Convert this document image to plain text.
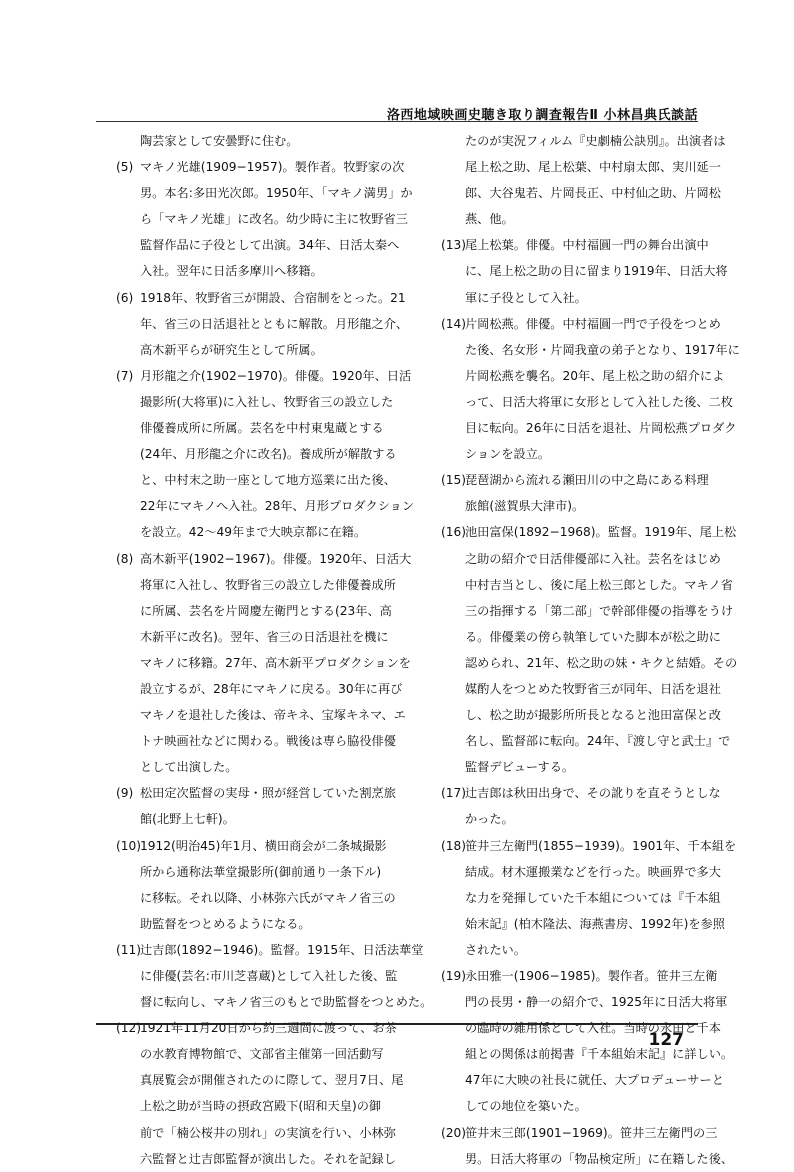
洛西地域映画史聴き取り調査報告Ⅱ 小林昌典氏談話
陶芸家として安曇野に住む。
(5) マキノ光雄(1909−1957)。製作者。牧野家の次
男。本名:多田光次郎。1950年、「マキノ満男」か
ら「マキノ光雄」に改名。幼少時に主に牧野省三
監督作品に子役として出演。34年、日活太秦へ
入社。翌年に日活多摩川へ移籍。
(6) 1918年、牧野省三が開設、合宿制をとった。21
年、省三の日活退社とともに解散。月形龍之介、
高木新平らが研究生として所属。
(7) 月形龍之介(1902−1970)。俳優。1920年、日活
撮影所(大将軍)に入社し、牧野省三の設立した
俳優養成所に所属。芸名を中村東鬼蔵とする
(24年、月形龍之介に改名)。養成所が解散する
と、中村末之助一座として地方巡業に出た後、
22年にマキノへ入社。28年、月形プロダクション
を設立。42〜49年まで大映京都に在籍。
(8) 高木新平(1902−1967)。俳優。1920年、日活大
将軍に入社し、牧野省三の設立した俳優養成所
に所属、芸名を片岡慶左衛門とする(23年、高
木新平に改名)。翌年、省三の日活退社を機に
マキノに移籍。27年、高木新平プロダクションを
設立するが、28年にマキノに戻る。30年に再び
マキノを退社した後は、帝キネ、宝塚キネマ、エ
トナ映画社などに関わる。戦後は専ら脇役俳優
として出演した。
(9) 松田定次監督の実母・照が経営していた割烹旅
館(北野上七軒)。
(10)
1912(明治45)年1月、横田商会が二条城撮影
所から通称法華堂撮影所(御前通り一条下ル)
に移転。それ以降、小林弥六氏がマキノ省三の
助監督をつとめるようになる。
(11)
辻吉郎(1892−1946)。監督。1915年、日活法華堂
に俳優(芸名:市川芝喜蔵)として入社した後、監
督に転向し、マキノ省三のもとで助監督をつとめた。
(12)
1921年11月20日から約三週間に渡って、お茶
の水教育博物館で、文部省主催第一回活動写
真展覧会が開催されたのに際して、翌月7日、尾
上松之助が当時の摂政宮殿下(昭和天皇)の御
前で「楠公桜井の別れ」の実演を行い、小林弥
六監督と辻吉郎監督が演出した。それを記録し
たのが実況フィルム『史劇楠公訣別』。出演者は
尾上松之助、尾上松葉、中村扇太郎、実川延一
郎、大谷鬼若、片岡長正、中村仙之助、片岡松
燕、他。
(13)
尾上松葉。俳優。中村福圓一門の舞台出演中
に、尾上松之助の目に留まり1919年、日活大将
軍に子役として入社。
(14)
片岡松燕。俳優。中村福圓一門で子役をつとめ
た後、名女形・片岡我童の弟子となり、1917年に
片岡松燕を襲名。20年、尾上松之助の紹介によ
って、日活大将軍に女形として入社した後、二枚
目に転向。26年に日活を退社、片岡松燕プロダク
ションを設立。
(15)
琵琶湖から流れる瀬田川の中之島にある料理
旅館(滋賀県大津市)。
(16)
池田富保(1892−1968)。監督。1919年、尾上松
之助の紹介で日活俳優部に入社。芸名をはじめ
中村吉当とし、後に尾上松三郎とした。マキノ省
三の指揮する「第二部」で幹部俳優の指導をうけ
る。俳優業の傍ら執筆していた脚本が松之助に
認められ、21年、松之助の妹・キクと結婚。その
媒酌人をつとめた牧野省三が同年、日活を退社
し、松之助が撮影所所長となると池田富保と改
名し、監督部に転向。24年、『渡し守と武士』で
監督デビューする。
(17)
辻吉郎は秋田出身で、その訛りを直そうとしな
かった。
(18)
笹井三左衛門(1855−1939)。1901年、千本組を
結成。材木運搬業などを行った。映画界で多大
な力を発揮していた千本組については『千本組
始末記』(柏木隆法、海燕書房、1992年)を参照
されたい。
(19)
永田雅一(1906−1985)。製作者。笹井三左衛
門の長男・静一の紹介で、1925年に日活大将軍
の臨時の雑用係として入社。当時の永田と千本
組との関係は前掲書『千本組始末記』に詳しい。
47年に大映の社長に就任、大プロデューサーと
しての地位を築いた。
(20)
笹井末三郎(1901−1969)。笹井三左衛門の三
男。日活大将軍の「物品検定所」に在籍した後、
127
